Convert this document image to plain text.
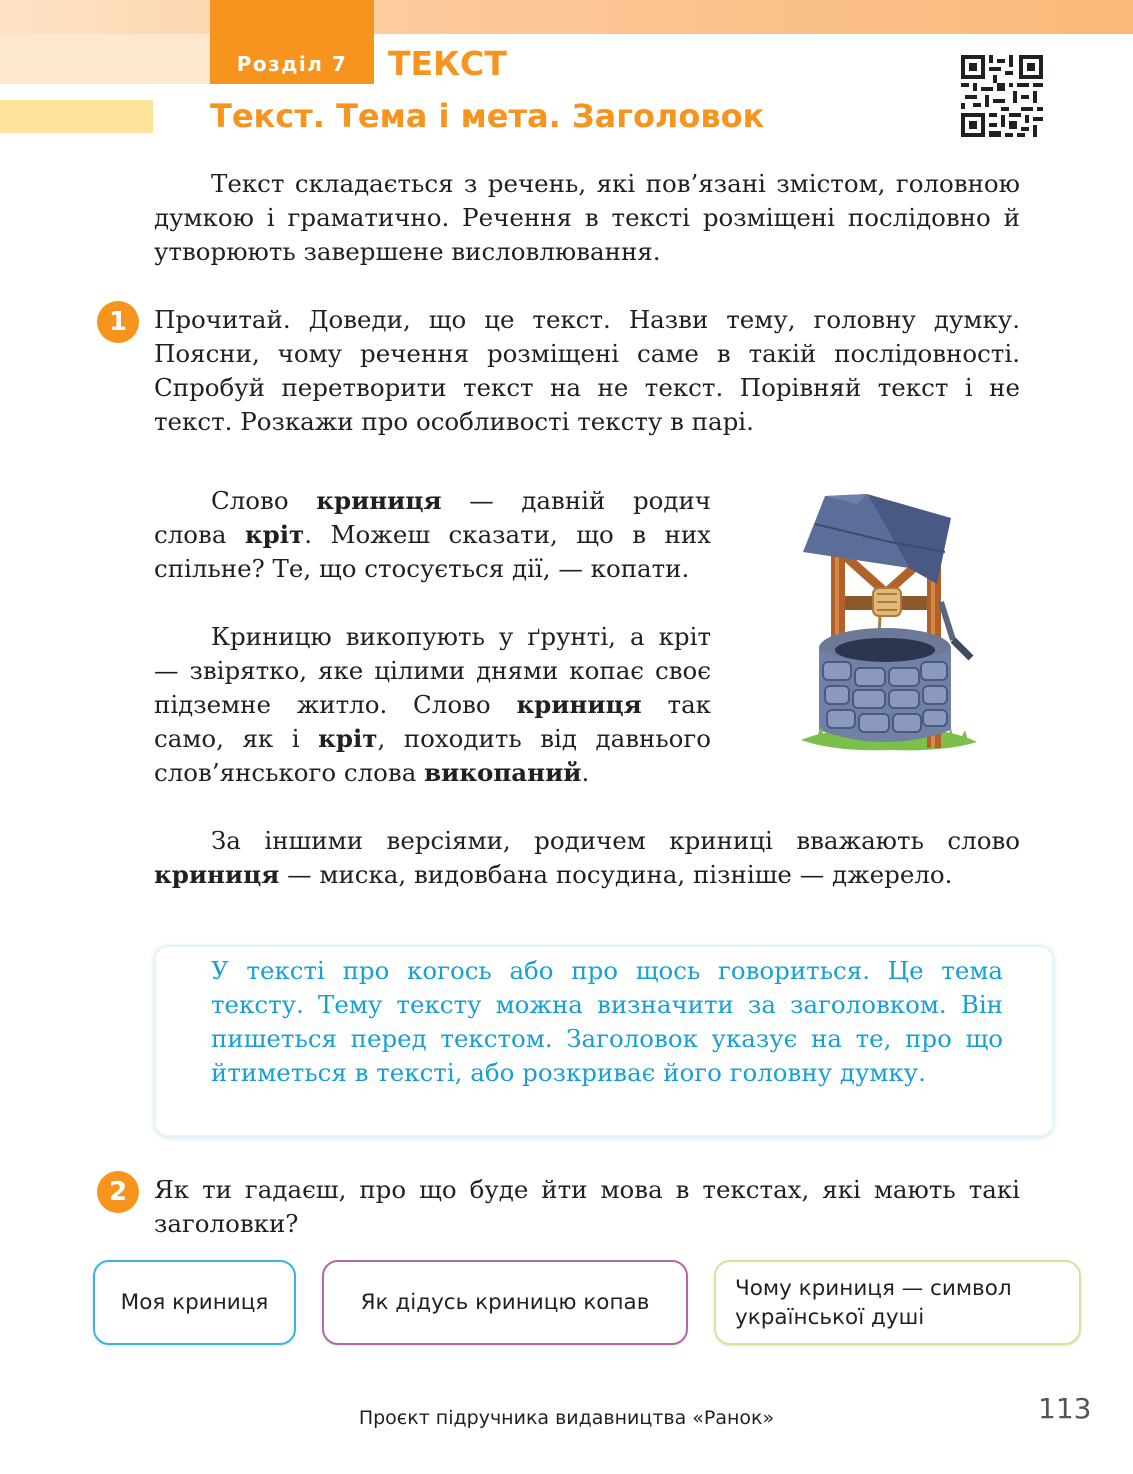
Розділ 7	ТЕКСТ
Текст. Тема і мета. Заголовок

Текст складається з речень, які пов’язані змістом, головною думкою і граматично. Речення в тексті розміщені послідовно й утворюють завершене висловлювання.

1	Прочитай. Доведи, що це текст. Назви тему, головну думку. Поясни, чому речення розміщені саме в такій послідовності. Спробуй перетворити текст на не текст. Порівняй текст і не текст. Розкажи про особливості тексту в парі.

Слово криниця — давній родич слова кріт. Можеш сказати, що в них спільне? Те, що стосується дії, — копати.

Криницю викопують у ґрунті, а кріт — звірятко, яке цілими днями копає своє підземне житло. Слово криниця так само, як і кріт, походить від давнього слов’янського слова викопаний.

За іншими версіями, родичем криниці вважають слово криниця — миска, видовбана посудина, пізніше — джерело.

У тексті про когось або про щось говориться. Це тема тексту. Тему тексту можна визначити за заголовком. Він пишеться перед текстом. Заголовок указує на те, про що йтиметься в тексті, або розкриває його головну думку.

2	Як ти гадаєш, про що буде йти мова в текстах, які мають такі заголовки?

Моя криниця	Як дідусь криницю копав
Чому криниця — символ української душі
Проєкт підручника видавництва «Ранок»	113
